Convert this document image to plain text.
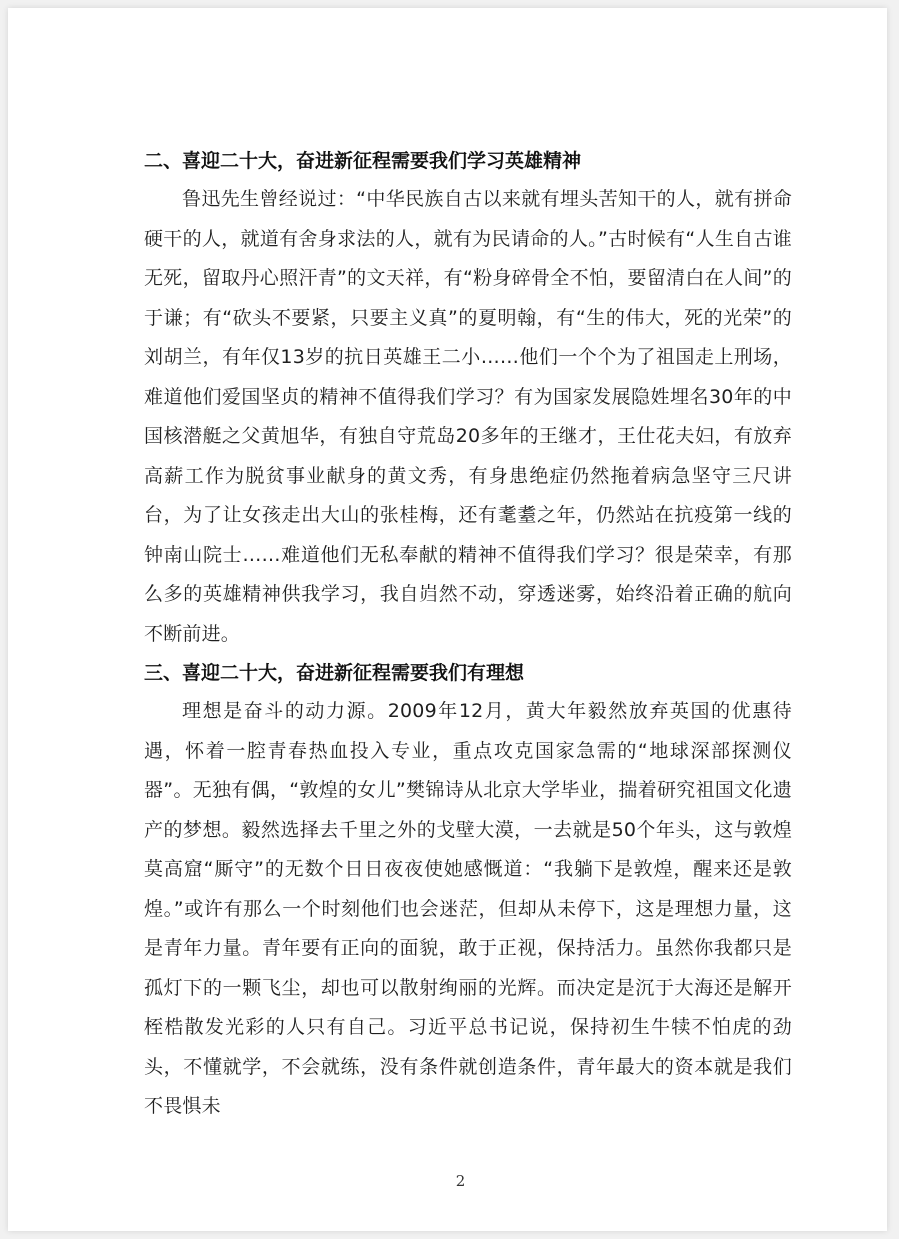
二、喜迎二十大，奋进新征程需要我们学习英雄精神

鲁迅先生曾经说过：“中华民族自古以来就有埋头苦知干的人，就有拼命硬干的人，就道有舍身求法的人，就有为民请命的人。”古时候有“人生自古谁无死，留取丹心照汗青”的文天祥，有“粉身碎骨全不怕，要留清白在人间”的于谦；有“砍头不要紧，只要主义真”的夏明翰，有“生的伟大，死的光荣”的刘胡兰，有年仅13岁的抗日英雄王二小……他们一个个为了祖国走上刑场，难道他们爱国坚贞的精神不值得我们学习？有为国家发展隐姓埋名30年的中国核潜艇之父黄旭华，有独自守荒岛20多年的王继才，王仕花夫妇，有放弃高薪工作为脱贫事业献身的黄文秀，有身患绝症仍然拖着病急坚守三尺讲台，为了让女孩走出大山的张桂梅，还有耄耋之年，仍然站在抗疫第一线的钟南山院士……难道他们无私奉献的精神不值得我们学习？很是荣幸，有那么多的英雄精神供我学习，我自岿然不动，穿透迷雾，始终沿着正确的航向不断前进。

三、喜迎二十大，奋进新征程需要我们有理想

理想是奋斗的动力源。2009年12月，黄大年毅然放弃英国的优惠待遇，怀着一腔青春热血投入专业，重点攻克国家急需的“地球深部探测仪器”。无独有偶，“敦煌的女儿”樊锦诗从北京大学毕业，揣着研究祖国文化遗产的梦想。毅然选择去千里之外的戈壁大漠，一去就是50个年头，这与敦煌莫高窟“厮守”的无数个日日夜夜使她感慨道：“我躺下是敦煌，醒来还是敦煌。”或许有那么一个时刻他们也会迷茫，但却从未停下，这是理想力量，这是青年力量。青年要有正向的面貌，敢于正视，保持活力。虽然你我都只是孤灯下的一颗飞尘，却也可以散射绚丽的光辉。而决定是沉于大海还是解开桎梏散发光彩的人只有自己。习近平总书记说，保持初生牛犊不怕虎的劲头，不懂就学，不会就练，没有条件就创造条件，青年最大的资本就是我们不畏惧未

2
